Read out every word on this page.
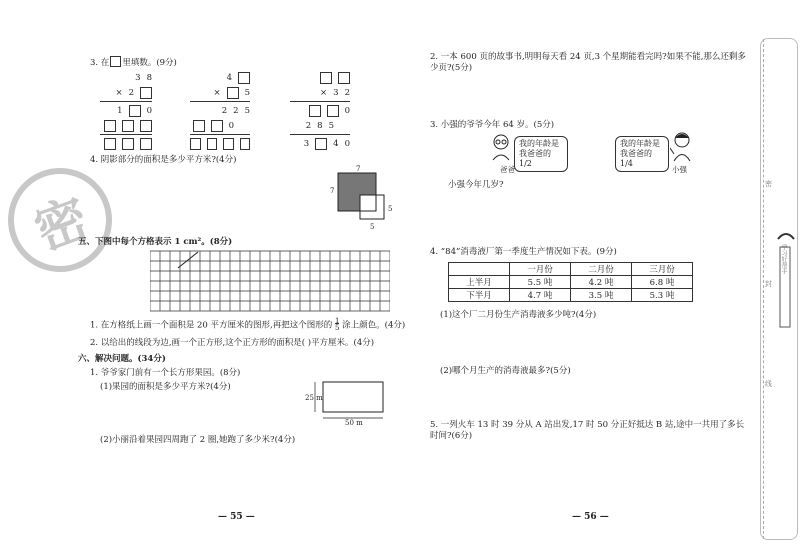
3. 在 里填数。(9分)
3 8
× 2
1	0
4
×	5
2 2 5
0
× 3 2
0
2 8 5
3	4 0
4. 阴影部分的面积是多少平方米?(4分)
7
7
5
5
密
五、下图中每个方格表示 1 cm²。(8分)
1. 在方格纸上画一个面积是 20 平方厘米的图形,再把这个图形的 $\frac{1}{5}$ 涂上颜色。(4分)
2. 以给出的线段为边,画一个正方形,这个正方形的面积是( )平方厘米。(4分)
六、解决问题。(34分)
1. 爷爷家门前有一个长方形果园。(8分)
(1)果园的面积是多少平方米?(4分)
25 m
50 m
(2)小丽沿着果园四周跑了 2 圈,她跑了多少米?(4分)
— 55 —
2. 一本 600 页的故事书,明明每天看 24 页,3 个星期能看完吗?如果不能,那么还剩多少页?(5分)
3. 小强的爷爷今年 64 岁。(5分)
我的年龄是我爸爸的 1/2
爸爸
我的年龄是我爸爸的 1/4
小强
小强今年几岁?
4. “84”消毒液厂第一季度生产情况如下表。(9分)
	一月份	二月份	三月份
上半月	5.5 吨	4.2 吨	6.8 吨
下半月	4.7 吨	3.5 吨	5.3 吨
(1)这个厂二月份生产消毒液多少吨?(4分)
(2)哪个月生产的消毒液最多?(5分)
5. 一列火车 13 时 39 分从 A 站出发,17 时 50 分正好抵达 B 站,途中一共用了多长时间?(6分)
— 56 —
密
封
线
学习好帮手
